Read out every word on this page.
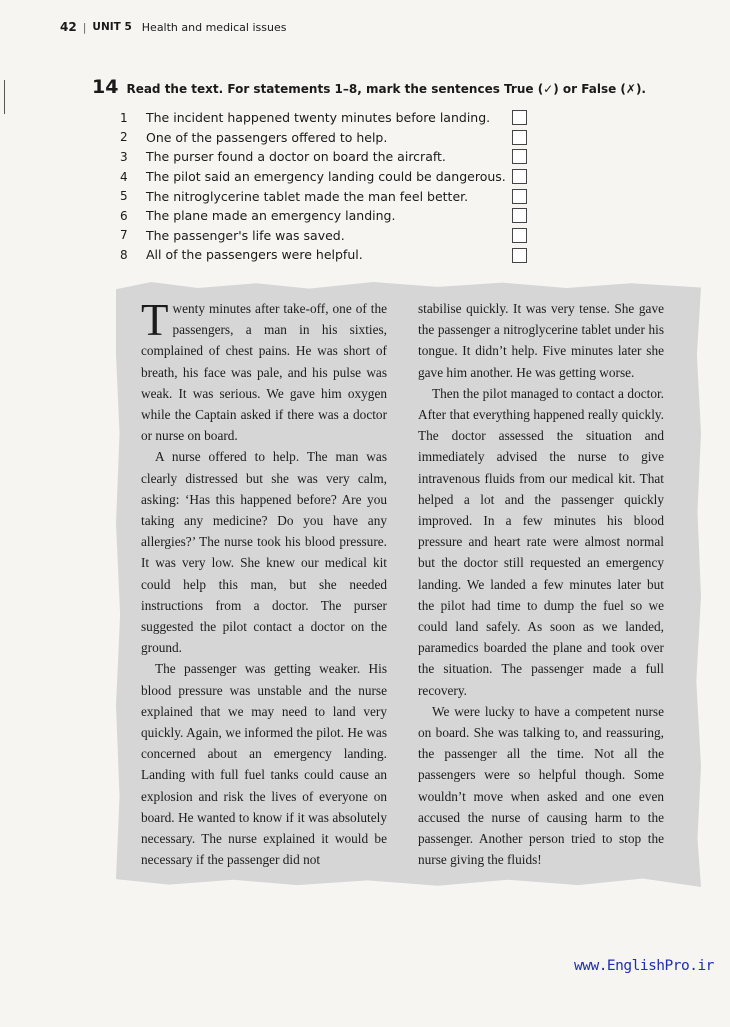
42 | UNIT 5 Health and medical issues
14 Read the text. For statements 1–8, mark the sentences True (✓) or False (✗).
1	The incident happened twenty minutes before landing.
2	One of the passengers offered to help.
3	The purser found a doctor on board the aircraft.
4	The pilot said an emergency landing could be dangerous.
5	The nitroglycerine tablet made the man feel better.
6	The plane made an emergency landing.
7	The passenger's life was saved.
8	All of the passengers were helpful.

Twenty minutes after take-off, one of the passengers, a man in his sixties, complained of chest pains. He was short of breath, his face was pale, and his pulse was weak. It was serious. We gave him oxygen while the Captain asked if there was a doctor or nurse on board.

A nurse offered to help. The man was clearly distressed but she was very calm, asking: ‘Has this happened before? Are you taking any medicine? Do you have any allergies?’ The nurse took his blood pressure. It was very low. She knew our medical kit could help this man, but she needed instructions from a doctor. The purser suggested the pilot contact a doctor on the ground.

The passenger was getting weaker. His blood pressure was unstable and the nurse explained that we may need to land very quickly. Again, we informed the pilot. He was concerned about an emergency landing. Landing with full fuel tanks could cause an explosion and risk the lives of everyone on board. He wanted to know if it was absolutely necessary. The nurse explained it would be necessary if the passenger did not

stabilise quickly. It was very tense. She gave the passenger a nitroglycerine tablet under his tongue. It didn’t help. Five minutes later she gave him another. He was getting worse.

Then the pilot managed to contact a doctor. After that everything happened really quickly. The doctor assessed the situation and immediately advised the nurse to give intravenous fluids from our medical kit. That helped a lot and the passenger quickly improved. In a few minutes his blood pressure and heart rate were almost normal but the doctor still requested an emergency landing. We landed a few minutes later but the pilot had time to dump the fuel so we could land safely. As soon as we landed, paramedics boarded the plane and took over the situation. The passenger made a full recovery.

We were lucky to have a competent nurse on board. She was talking to, and reassuring, the passenger all the time. Not all the passengers were so helpful though. Some wouldn’t move when asked and one even accused the nurse of causing harm to the passenger. Another person tried to stop the nurse giving the fluids!

www.EnglishPro.ir
